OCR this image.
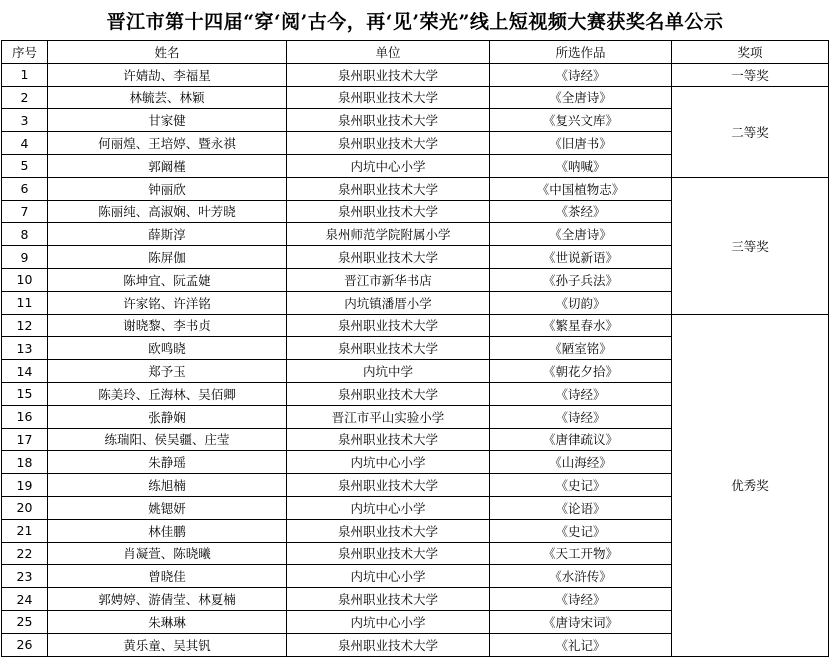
晋江市第十四届“穿‘阅’古今，再‘见’荣光”线上短视频大赛获奖名单公示
序号	姓名	单位	所选作品	奖项
1	许婧劼、李福星	泉州职业技术大学	《诗经》	一等奖
2	林毓芸、林颖	泉州职业技术大学	《全唐诗》	二等奖
3	甘家健	泉州职业技术大学	《复兴文库》	
4	何丽煌、王培婷、暨永祺	泉州职业技术大学	《旧唐书》	
5	郭阚槿	内坑中心小学	《呐喊》	
6	钟丽欣	泉州职业技术大学	《中国植物志》	三等奖
7	陈丽纯、高淑娴、叶芳晓	泉州职业技术大学	《茶经》	
8	薛斯淳	泉州师范学院附属小学	《全唐诗》	
9	陈屏伽	泉州职业技术大学	《世说新语》	
10	陈坤宜、阮孟婕	晋江市新华书店	《孙子兵法》	
11	许家铭、许洋铭	内坑镇潘厝小学	《切韵》	
12	谢晓黎、李书贞	泉州职业技术大学	《繁星春水》	优秀奖
13	欧鸣晓	泉州职业技术大学	《陋室铭》	
14	郑予玉	内坑中学	《朝花夕拾》	
15	陈美玲、丘海林、吴佰卿	泉州职业技术大学	《诗经》	
16	张静娴	晋江市平山实验小学	《诗经》	
17	练瑞阳、侯吴疆、庄莹	泉州职业技术大学	《唐律疏议》	
18	朱静瑶	内坑中心小学	《山海经》	
19	练旭楠	泉州职业技术大学	《史记》	
20	姚锶妍	内坑中心小学	《论语》	
21	林佳鹏	泉州职业技术大学	《史记》	
22	肖凝萱、陈晓曦	泉州职业技术大学	《天工开物》	
23	曾晓佳	内坑中心小学	《水浒传》	
24	郭娉婷、游倩莹、林夏楠	泉州职业技术大学	《诗经》	
25	朱琳琳	内坑中心小学	《唐诗宋词》	
26	黄乐童、吴其钒	泉州职业技术大学	《礼记》	
